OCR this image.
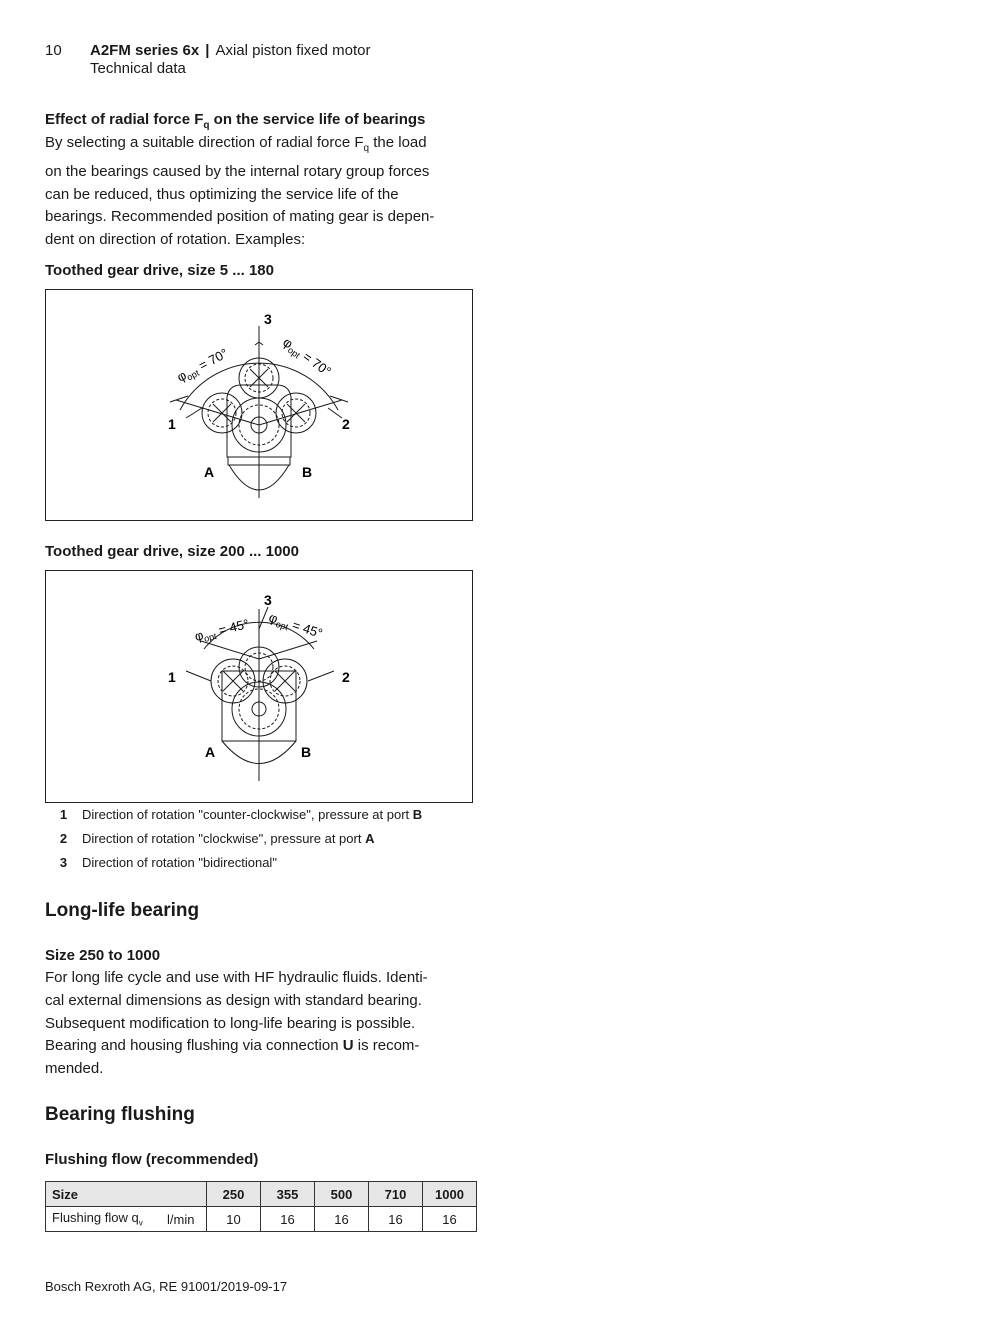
10 A2FM series 6x | Axial piston fixed motor
Technical data
Effect of radial force $F_q$ on the service life of bearings

By selecting a suitable direction of radial force $F_q$ the load

on the bearings caused by the internal rotary group forces

can be reduced, thus optimizing the service life of the

bearings. Recommended position of mating gear is depen-

dent on direction of rotation. Examples:

Toothed gear drive, size 5 ... 180
3
1	2
A	B
$\varphi_{opt} = 70^\circ$
$\varphi_{opt} = 70^\circ$
Toothed gear drive, size 200 ... 1000
3
1	2
A	B
$\varphi_{opt} = 45^\circ$ $\varphi_{opt} = 45^\circ$
1	Direction of rotation "counter-clockwise", pressure at port B
2	Direction of rotation "clockwise", pressure at port A
3	Direction of rotation "bidirectional"
Long-life bearing
Size 250 to 1000

For long life cycle and use with HF hydraulic fluids. Identi-

cal external dimensions as design with standard bearing.

Subsequent modification to long-life bearing is possible.

Bearing and housing flushing via connection U is recom-

mended.

Bearing flushing
Flushing flow (recommended)
Size		250	355	500	710	1000
Flushing flow $q_v$	l/min	10	16	16	16	16
Bosch Rexroth AG, RE 91001/2019-09-17
